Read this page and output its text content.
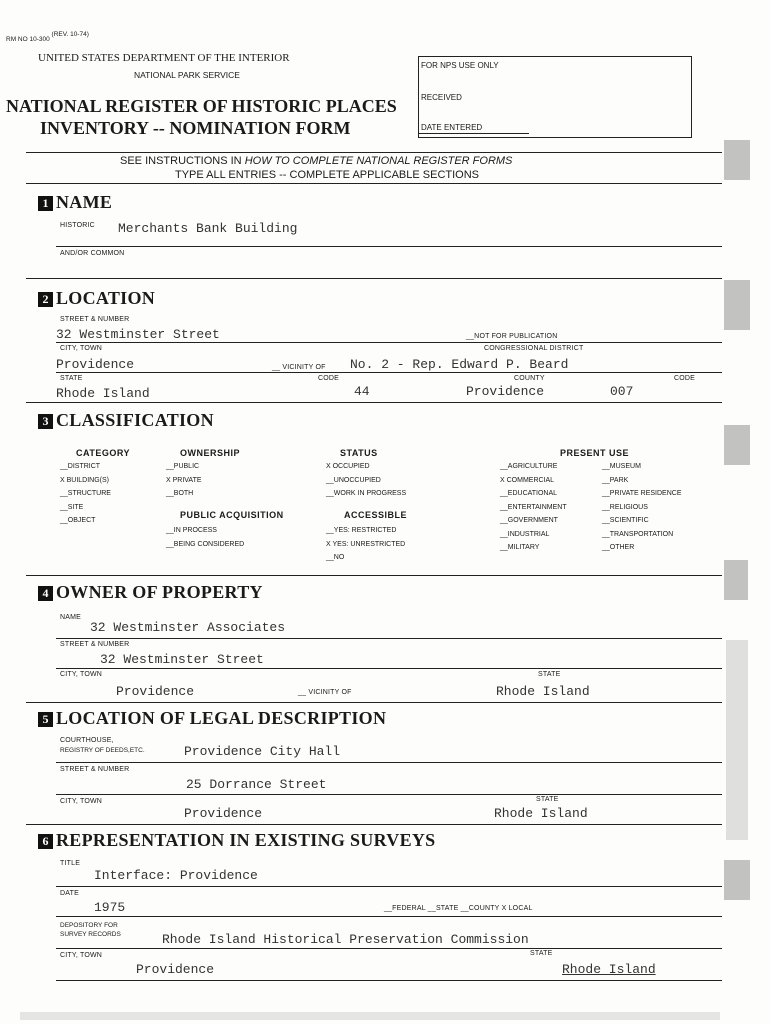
RM NO 10-300 (REV. 10-74)
UNITED STATES DEPARTMENT OF THE INTERIOR
NATIONAL PARK SERVICE
NATIONAL REGISTER OF HISTORIC PLACES
INVENTORY -- NOMINATION FORM
FOR NPS USE ONLY
RECEIVED
DATE ENTERED
SEE INSTRUCTIONS IN HOW TO COMPLETE NATIONAL REGISTER FORMS
TYPE ALL ENTRIES -- COMPLETE APPLICABLE SECTIONS
1 NAME
HISTORIC Merchants Bank Building
AND/OR COMMON
2 LOCATION
STREET & NUMBER
32 Westminster Street	__NOT FOR PUBLICATION
CITY, TOWN	CONGRESSIONAL DISTRICT
Providence	__ VICINITY OF No. 2 - Rep. Edward P. Beard
STATE	CODE	COUNTY	CODE
Rhode Island	44	Providence	007
3 CLASSIFICATION
CATEGORY
__DISTRICT
X BUILDING(S)
__STRUCTURE
__SITE
__OBJECT
OWNERSHIP
__PUBLIC
X PRIVATE
__BOTH
PUBLIC ACQUISITION
__IN PROCESS
__BEING CONSIDERED
STATUS
X OCCUPIED
__UNOCCUPIED
__WORK IN PROGRESS
ACCESSIBLE
__YES: RESTRICTED
X YES: UNRESTRICTED
__NO
PRESENT USE
__AGRICULTURE
X COMMERCIAL
__EDUCATIONAL
__ENTERTAINMENT
__GOVERNMENT
__INDUSTRIAL
__MILITARY
__MUSEUM
__PARK
__PRIVATE RESIDENCE
__RELIGIOUS
__SCIENTIFIC
__TRANSPORTATION
__OTHER
4 OWNER OF PROPERTY
NAME
32 Westminster Associates
STREET & NUMBER
32 Westminster Street
CITY, TOWN	STATE
Providence	__ VICINITY OF	Rhode Island
5 LOCATION OF LEGAL DESCRIPTION
COURTHOUSE,
REGISTRY OF DEEDS,ETC.	Providence City Hall
STREET & NUMBER
25 Dorrance Street
CITY, TOWN	STATE
Providence	Rhode Island
6 REPRESENTATION IN EXISTING SURVEYS
TITLE
Interface: Providence
DATE
1975	__FEDERAL __STATE __COUNTY X LOCAL
DEPOSITORY FOR
SURVEY RECORDS	Rhode Island Historical Preservation Commission
CITY, TOWN	STATE
Providence	Rhode Island
